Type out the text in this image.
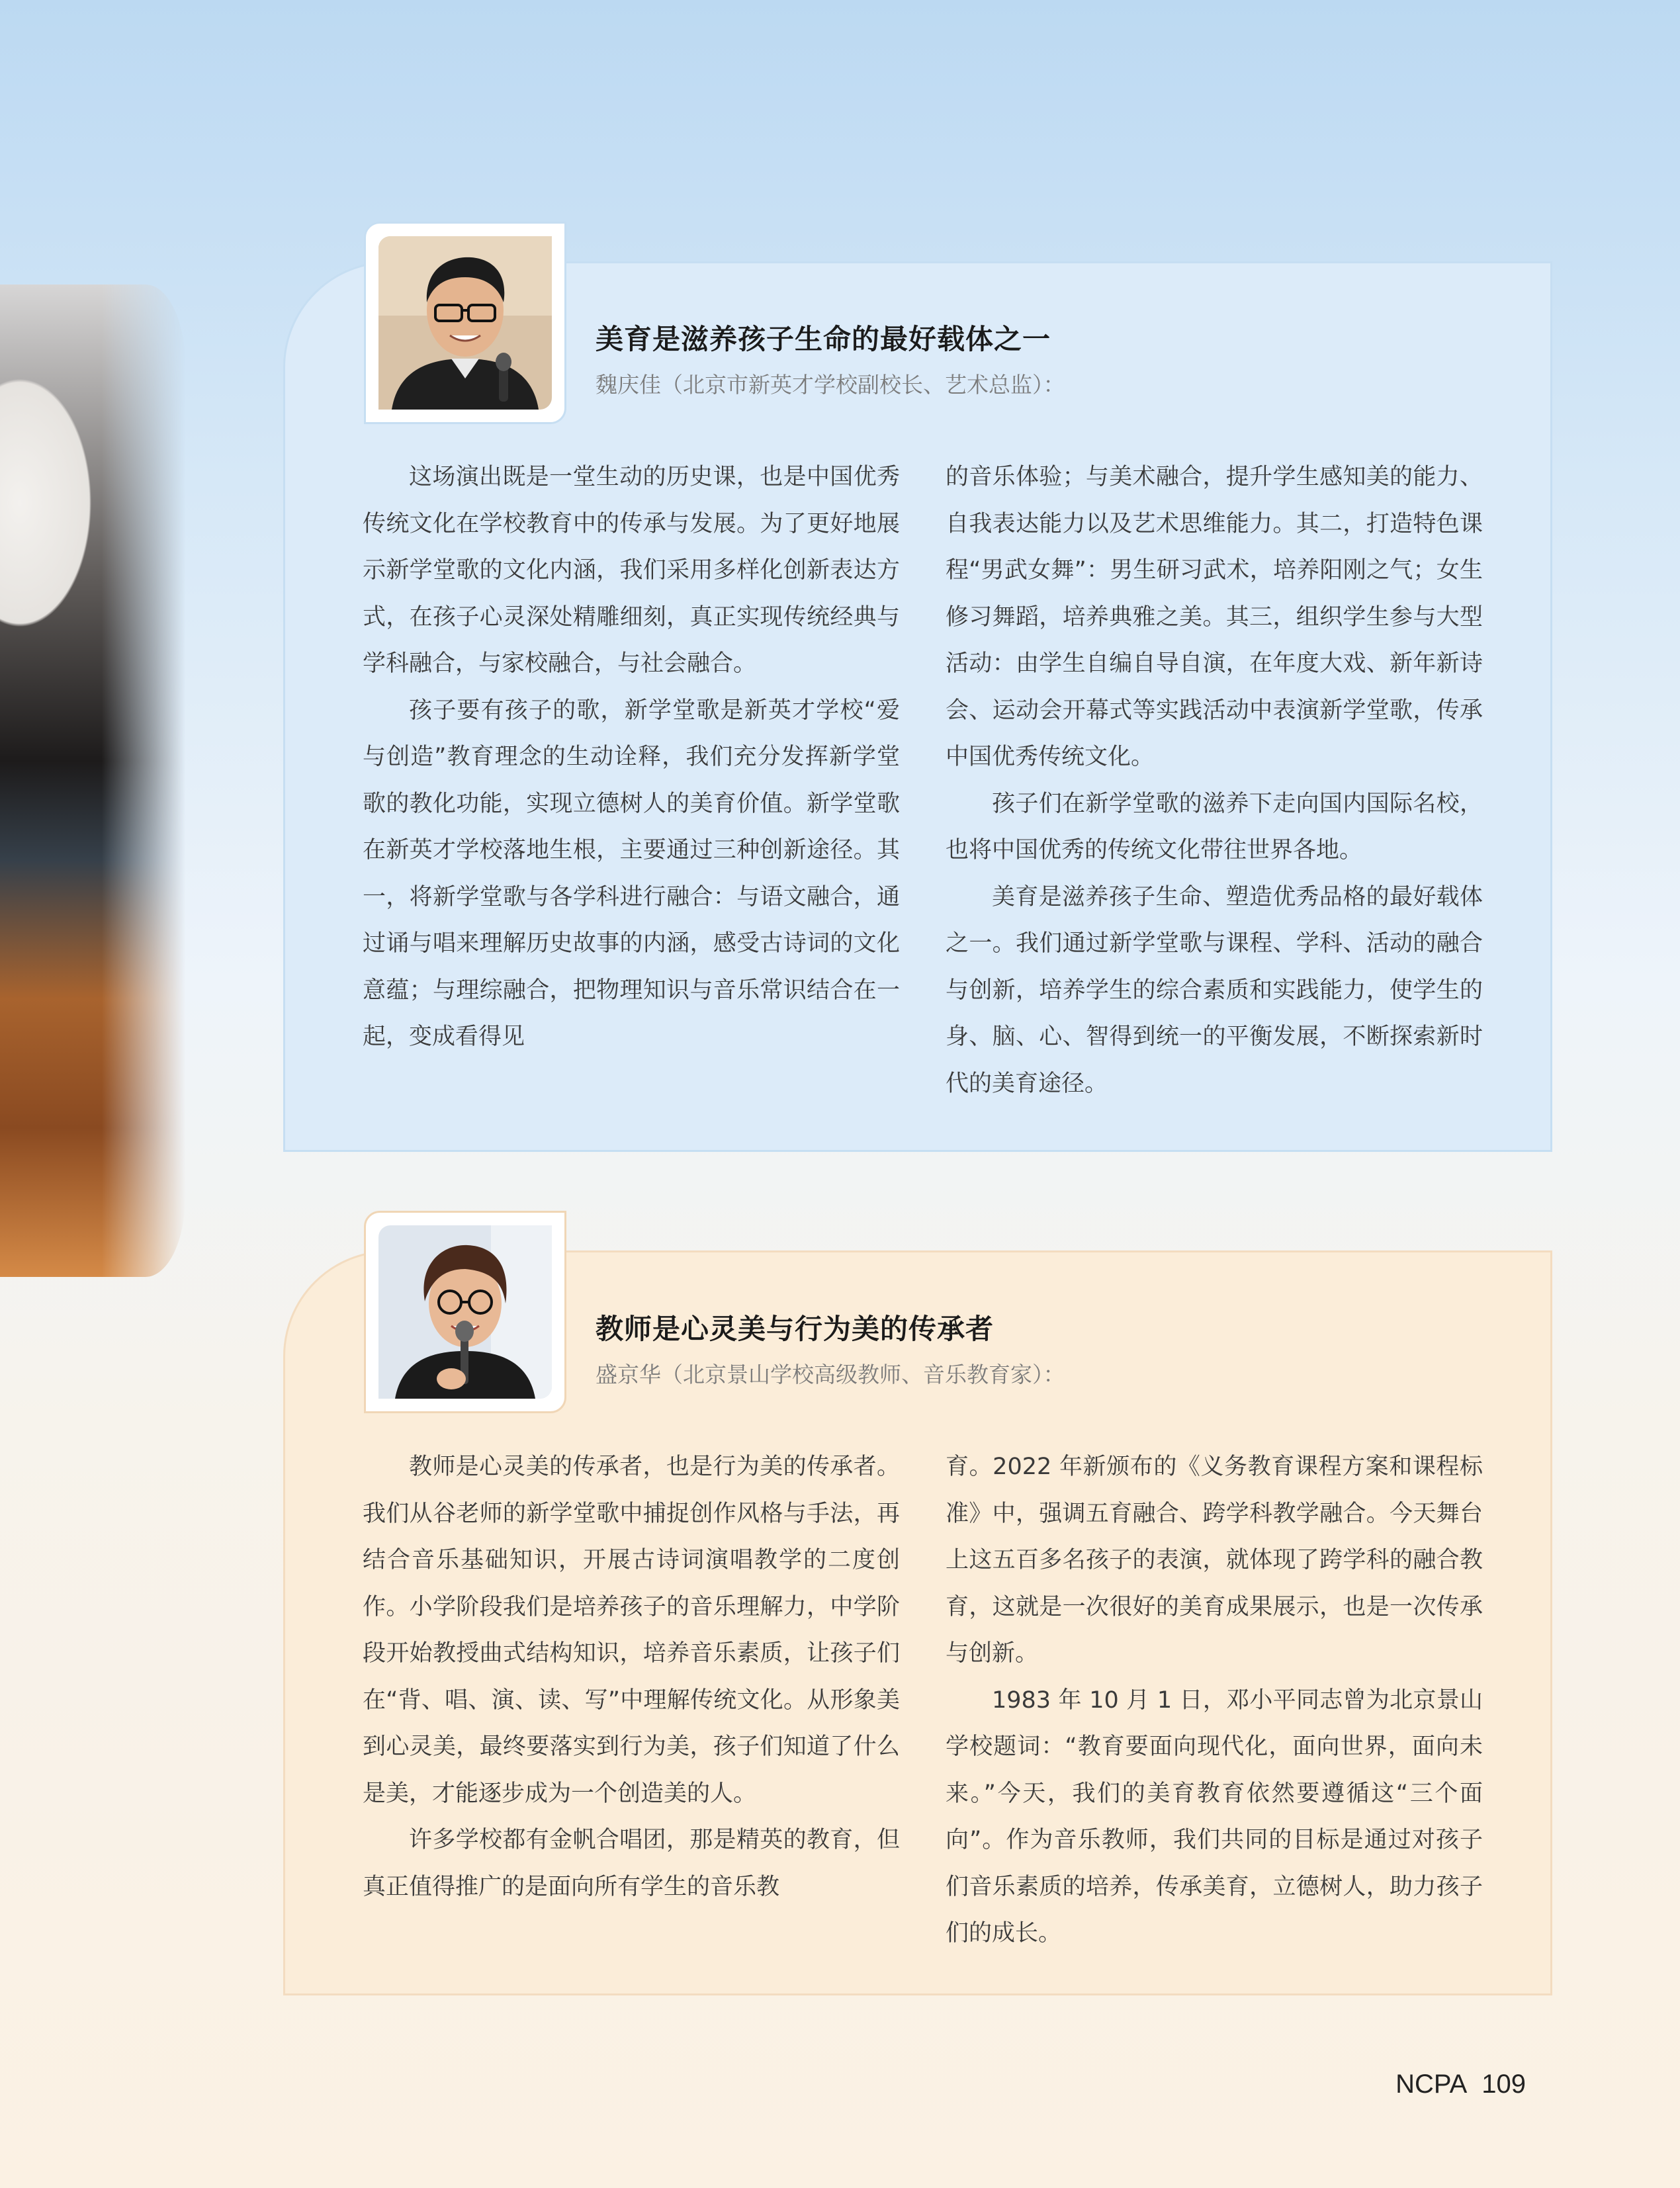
美育是滋养孩子生命的最好载体之一
魏庆佳（北京市新英才学校副校长、艺术总监）：

这场演出既是一堂生动的历史课，也是中国优秀传统文化在学校教育中的传承与发展。为了更好地展示新学堂歌的文化内涵，我们采用多样化创新表达方式，在孩子心灵深处精雕细刻，真正实现传统经典与学科融合，与家校融合，与社会融合。

孩子要有孩子的歌，新学堂歌是新英才学校“爱与创造”教育理念的生动诠释，我们充分发挥新学堂歌的教化功能，实现立德树人的美育价值。新学堂歌在新英才学校落地生根，主要通过三种创新途径。其一，将新学堂歌与各学科进行融合：与语文融合，通过诵与唱来理解历史故事的内涵，感受古诗词的文化意蕴；与理综融合，把物理知识与音乐常识结合在一起，变成看得见

的音乐体验；与美术融合，提升学生感知美的能力、自我表达能力以及艺术思维能力。其二，打造特色课程“男武女舞”：男生研习武术，培养阳刚之气；女生修习舞蹈，培养典雅之美。其三，组织学生参与大型活动：由学生自编自导自演，在年度大戏、新年新诗会、运动会开幕式等实践活动中表演新学堂歌，传承中国优秀传统文化。

孩子们在新学堂歌的滋养下走向国内国际名校，也将中国优秀的传统文化带往世界各地。

美育是滋养孩子生命、塑造优秀品格的最好载体之一。我们通过新学堂歌与课程、学科、活动的融合与创新，培养学生的综合素质和实践能力，使学生的身、脑、心、智得到统一的平衡发展，不断探索新时代的美育途径。

教师是心灵美与行为美的传承者
盛京华（北京景山学校高级教师、音乐教育家）：

教师是心灵美的传承者，也是行为美的传承者。我们从谷老师的新学堂歌中捕捉创作风格与手法，再结合音乐基础知识，开展古诗词演唱教学的二度创作。小学阶段我们是培养孩子的音乐理解力，中学阶段开始教授曲式结构知识，培养音乐素质，让孩子们在“背、唱、演、读、写”中理解传统文化。从形象美到心灵美，最终要落实到行为美，孩子们知道了什么是美，才能逐步成为一个创造美的人。

许多学校都有金帆合唱团，那是精英的教育，但真正值得推广的是面向所有学生的音乐教

育。2022 年新颁布的《义务教育课程方案和课程标准》中，强调五育融合、跨学科教学融合。今天舞台上这五百多名孩子的表演，就体现了跨学科的融合教育，这就是一次很好的美育成果展示，也是一次传承与创新。

1983 年 10 月 1 日，邓小平同志曾为北京景山学校题词：“教育要面向现代化，面向世界，面向未来。”今天，我们的美育教育依然要遵循这“三个面向”。作为音乐教师，我们共同的目标是通过对孩子们音乐素质的培养，传承美育，立德树人，助力孩子们的成长。

NCPA 109
